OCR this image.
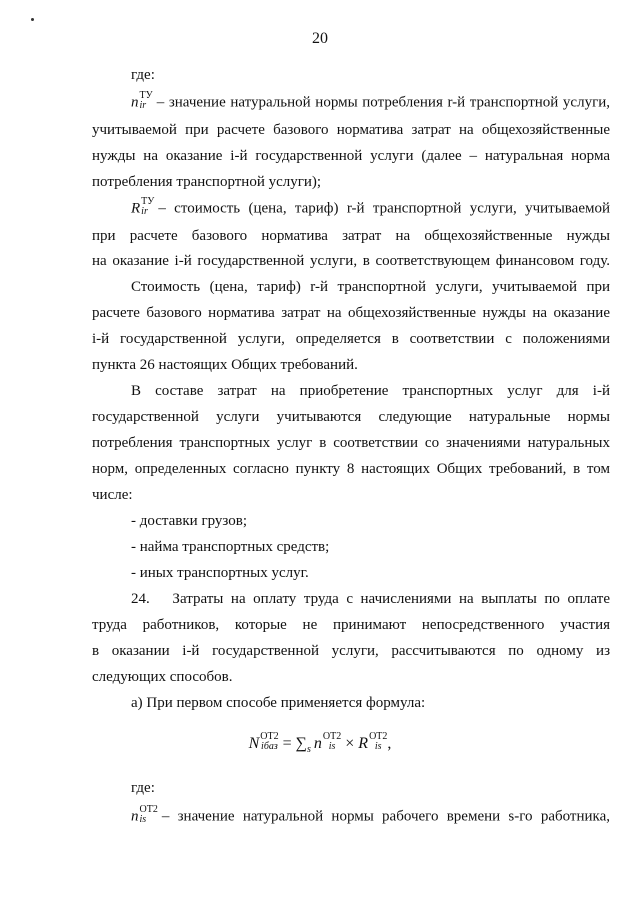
20
где:
n ТУ
ir – значение натуральной нормы потребления r-й транспортной услуги,
учитываемой при расчете базового норматива затрат на общехозяйственные
нужды на оказание i-й государственной услуги (далее – натуральная норма
потребления транспортной услуги);
R ТУ
ir – стоимость (цена, тариф) r-й транспортной услуги, учитываемой
при расчете базового норматива затрат на общехозяйственные нужды
на оказание i-й государственной услуги, в соответствующем финансовом году.
Стоимость (цена, тариф) r-й транспортной услуги, учитываемой при
расчете базового норматива затрат на общехозяйственные нужды на оказание
i-й государственной услуги, определяется в соответствии с положениями
пункта 26 настоящих Общих требований.
В составе затрат на приобретение транспортных услуг для i-й
государственной услуги учитываются следующие натуральные нормы
потребления транспортных услуг в соответствии со значениями натуральных
норм, определенных согласно пункту 8 настоящих Общих требований, в том
числе:
- доставки грузов;
- найма транспортных средств;
- иных транспортных услуг.
24.   Затраты на оплату труда с начислениями на выплаты по оплате
труда работников, которые не принимают непосредственного участия
в оказании i-й государственной услуги, рассчитываются по одному из
следующих способов.
а) При первом способе применяется формула:
N ОТ2
iбаз = $\sum_s$ n ОТ2
is × R ОТ2
is ,
где:
n ОТ2
is	– значение натуральной нормы рабочего времени s-го работника,
